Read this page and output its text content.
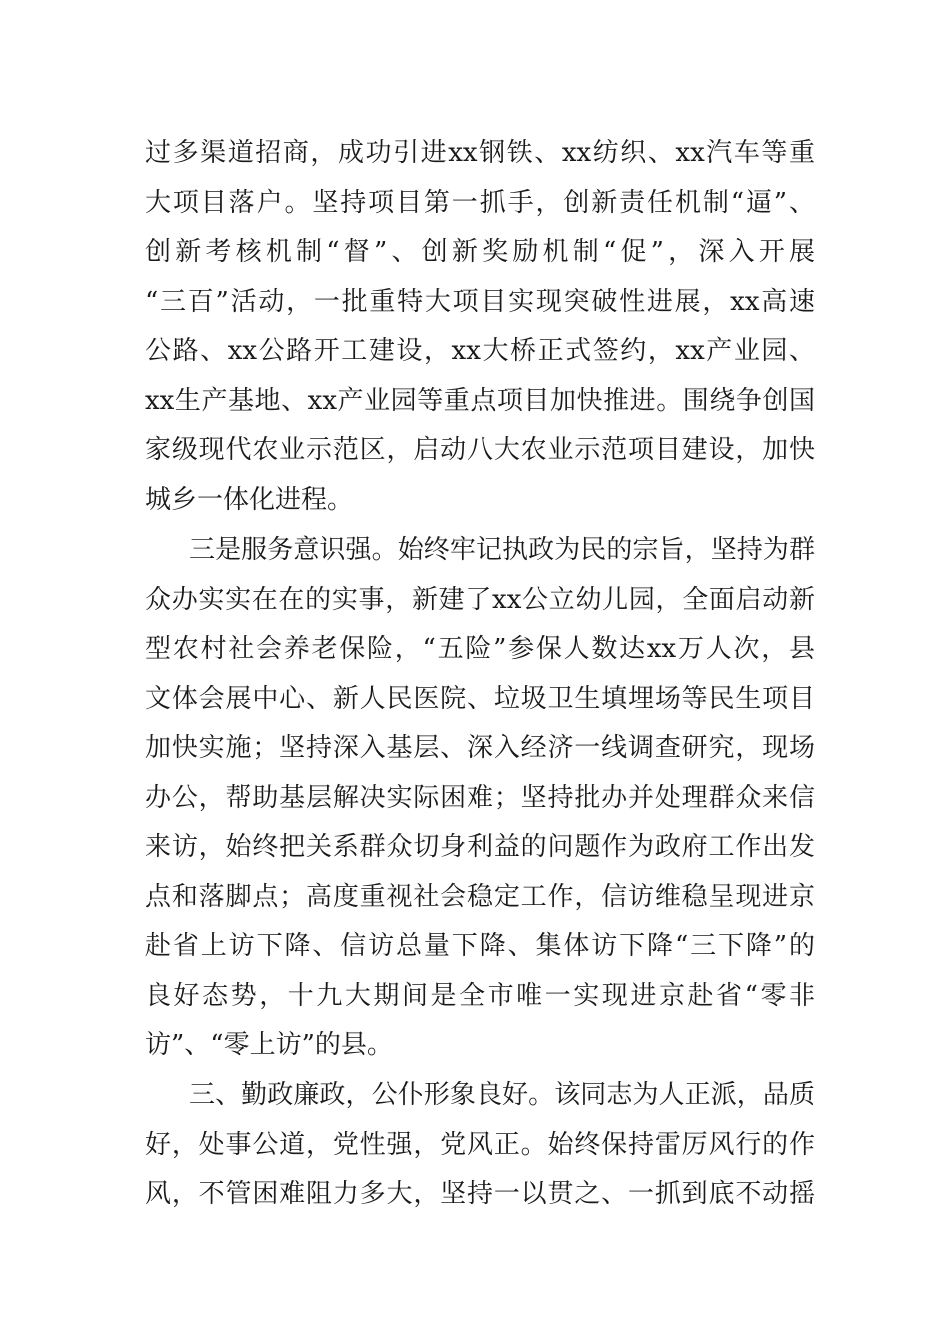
过多渠道招商，成功引进xx钢铁、xx纺织、xx汽车等重

大项目落户。坚持项目第一抓手，创新责任机制“逼”、

创新考核机制“督”、创新奖励机制“促”，深入开展

“三百”活动，一批重特大项目实现突破性进展，xx高速

公路、xx公路开工建设，xx大桥正式签约，xx产业园、

xx生产基地、xx产业园等重点项目加快推进。围绕争创国

家级现代农业示范区，启动八大农业示范项目建设，加快

城乡一体化进程。

三是服务意识强。始终牢记执政为民的宗旨，坚持为群

众办实实在在的实事，新建了xx公立幼儿园，全面启动新

型农村社会养老保险，“五险”参保人数达xx万人次，县

文体会展中心、新人民医院、垃圾卫生填埋场等民生项目

加快实施；坚持深入基层、深入经济一线调查研究，现场

办公，帮助基层解决实际困难；坚持批办并处理群众来信

来访，始终把关系群众切身利益的问题作为政府工作出发

点和落脚点；高度重视社会稳定工作，信访维稳呈现进京

赴省上访下降、信访总量下降、集体访下降“三下降”的

良好态势，十九大期间是全市唯一实现进京赴省“零非

访”、“零上访”的县。

三、勤政廉政，公仆形象良好。该同志为人正派，品质

好，处事公道，党性强，党风正。始终保持雷厉风行的作

风，不管困难阻力多大，坚持一以贯之、一抓到底不动摇
